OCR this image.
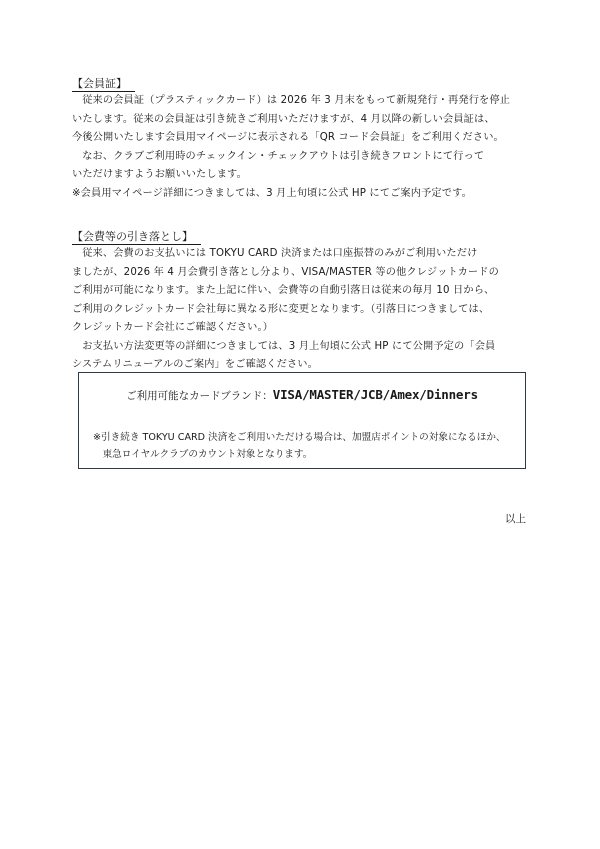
【会員証】

従来の会員証（プラスティックカード）は 2026 年 3 月末をもって新規発行・再発行を停止

いたします。従来の会員証は引き続きご利用いただけますが、4 月以降の新しい会員証は、

今後公開いたします会員用マイページに表示される「QR コード会員証」をご利用ください。

なお、クラブご利用時のチェックイン・チェックアウトは引き続きフロントにて行って

いただけますようお願いいたします。

※会員用マイページ詳細につきましては、3 月上旬頃に公式 HP にてご案内予定です。

【会費等の引き落とし】

従来、会費のお支払いには TOKYU CARD 決済または口座振替のみがご利用いただけ

ましたが、2026 年 4 月会費引き落とし分より、VISA/MASTER 等の他クレジットカードの

ご利用が可能になります。また上記に伴い、会費等の自動引落日は従来の毎月 10 日から、

ご利用のクレジットカード会社毎に異なる形に変更となります。（引落日につきましては、

クレジットカード会社にご確認ください。）

お支払い方法変更等の詳細につきましては、3 月上旬頃に公式 HP にて公開予定の「会員

システムリニューアルのご案内」をご確認ください。

ご利用可能なカードブランド：VISA/MASTER/JCB/Amex/Dinners
※引き続き TOKYU CARD 決済をご利用いただける場合は、加盟店ポイントの対象になるほか、
東急ロイヤルクラブのカウント対象となります。
以上
